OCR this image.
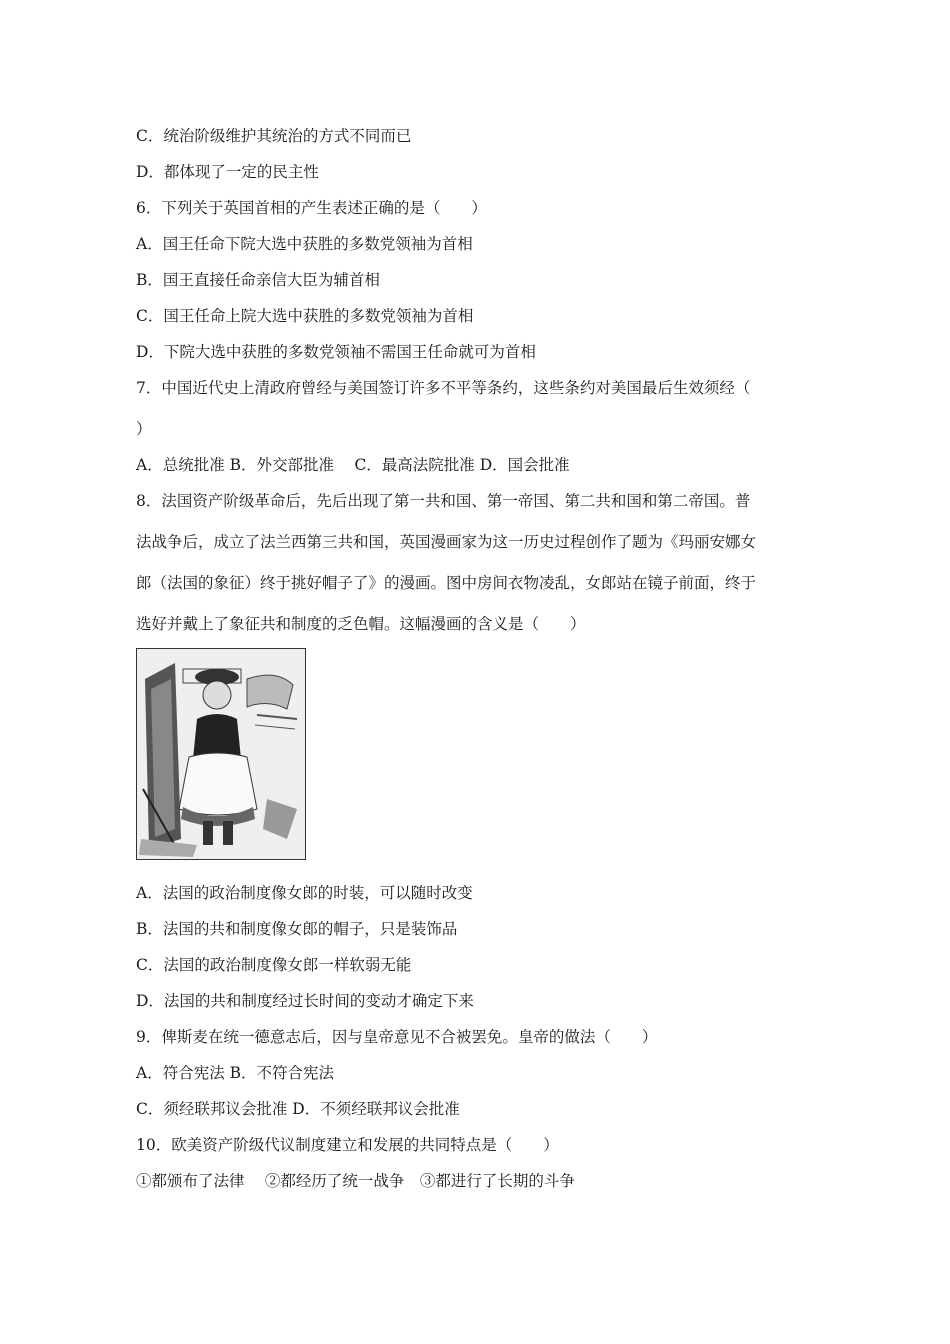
C．统治阶级维护其统治的方式不同而已
D．都体现了一定的民主性
6．下列关于英国首相的产生表述正确的是（　　）
A．国王任命下院大选中获胜的多数党领袖为首相
B．国王直接任命亲信大臣为辅首相
C．国王任命上院大选中获胜的多数党领袖为首相
D．下院大选中获胜的多数党领袖不需国王任命就可为首相
7．中国近代史上清政府曾经与美国签订许多不平等条约，这些条约对美国最后生效须经（
）
A．总统批准 B．外交部批准　 C．最高法院批准 D．国会批准
8．法国资产阶级革命后，先后出现了第一共和国、第一帝国、第二共和国和第二帝国。普
法战争后，成立了法兰西第三共和国，英国漫画家为这一历史过程创作了题为《玛丽安娜女
郎（法国的象征）终于挑好帽子了》的漫画。图中房间衣物凌乱，女郎站在镜子前面，终于
选好并戴上了象征共和制度的乏色帽。这幅漫画的含义是（　　）
A．法国的政治制度像女郎的时装，可以随时改变
B．法国的共和制度像女郎的帽子，只是装饰品
C．法国的政治制度像女郎一样软弱无能
D．法国的共和制度经过长时间的变动才确定下来
9．俾斯麦在统一德意志后，因与皇帝意见不合被罢免。皇帝的做法（　　）
A．符合宪法 B．不符合宪法
C．须经联邦议会批准 D．不须经联邦议会批准
10．欧美资产阶级代议制度建立和发展的共同特点是（　　）
①都颁布了法律　 ②都经历了统一战争　③都进行了长期的斗争
